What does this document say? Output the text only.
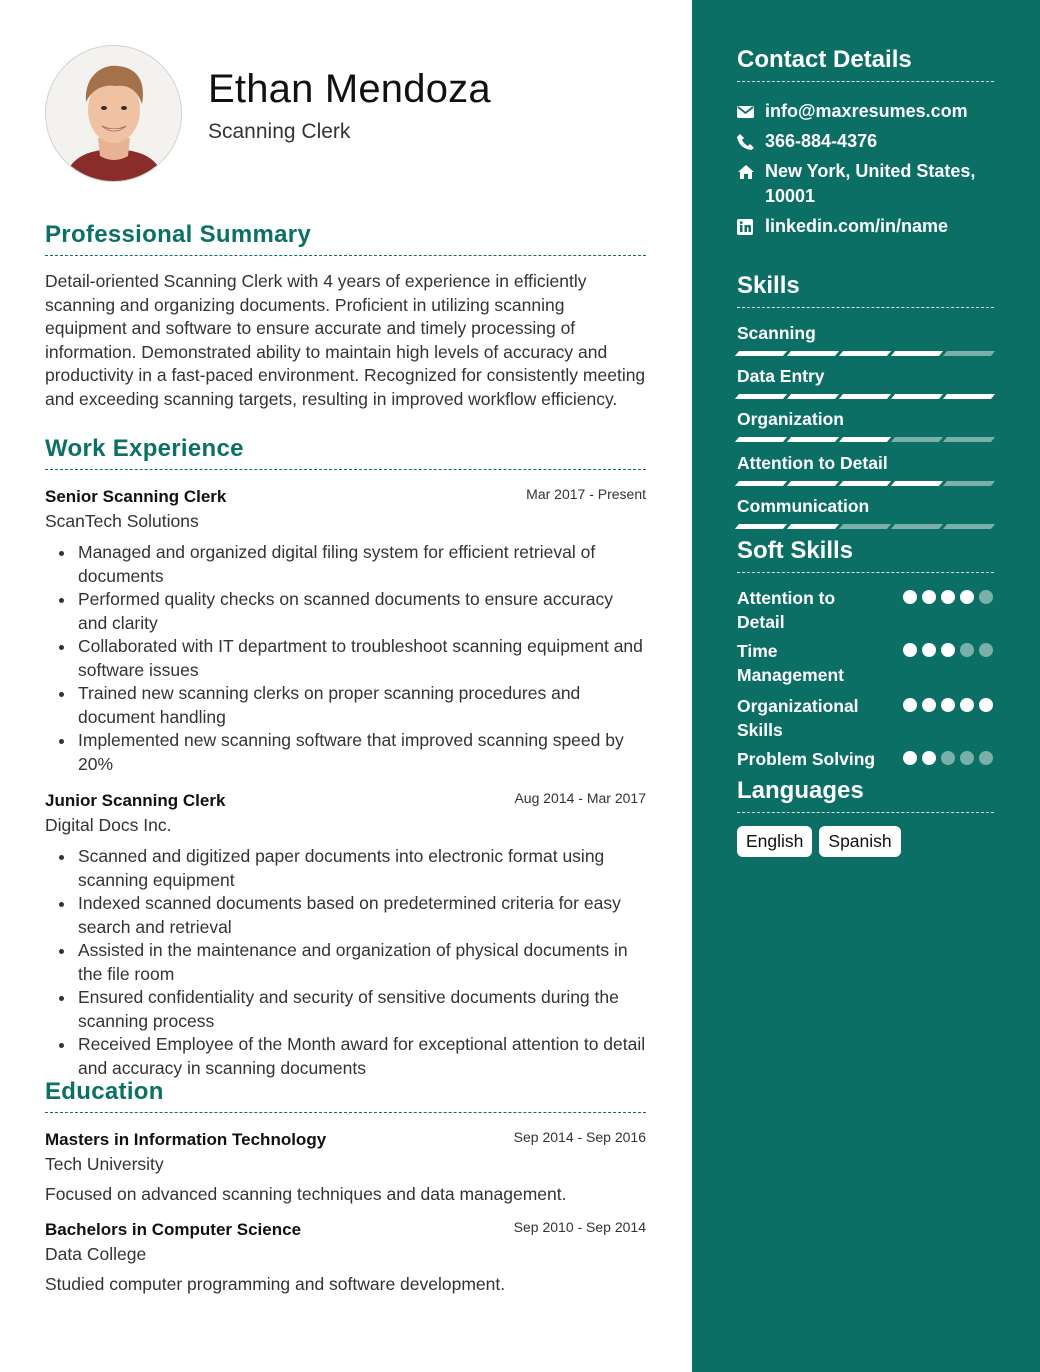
Ethan Mendoza
Scanning Clerk
Professional Summary
Detail-oriented Scanning Clerk with 4 years of experience in efficiently scanning and organizing documents. Proficient in utilizing scanning equipment and software to ensure accurate and timely processing of information. Demonstrated ability to maintain high levels of accuracy and productivity in a fast-paced environment. Recognized for consistently meeting and exceeding scanning targets, resulting in improved workflow efficiency.
Work Experience
Senior Scanning Clerk	Mar 2017 - Present
ScanTech Solutions
Managed and organized digital filing system for efficient retrieval of documents
Performed quality checks on scanned documents to ensure accuracy and clarity
Collaborated with IT department to troubleshoot scanning equipment and software issues
Trained new scanning clerks on proper scanning procedures and document handling
Implemented new scanning software that improved scanning speed by 20%
Junior Scanning Clerk	Aug 2014 - Mar 2017
Digital Docs Inc.
Scanned and digitized paper documents into electronic format using scanning equipment
Indexed scanned documents based on predetermined criteria for easy search and retrieval
Assisted in the maintenance and organization of physical documents in the file room
Ensured confidentiality and security of sensitive documents during the scanning process
Received Employee of the Month award for exceptional attention to detail and accuracy in scanning documents
Education
Masters in Information Technology	Sep 2014 - Sep 2016
Tech University
Focused on advanced scanning techniques and data management.
Bachelors in Computer Science	Sep 2010 - Sep 2014
Data College
Studied computer programming and software development.
Contact Details
info@maxresumes.com
366-884-4376
New York, United States, 10001
linkedin.com/in/name
Skills
Scanning
Data Entry
Organization
Attention to Detail
Communication
Soft Skills
Attention to Detail
Time Management
Organizational Skills
Problem Solving
Languages
English	Spanish
